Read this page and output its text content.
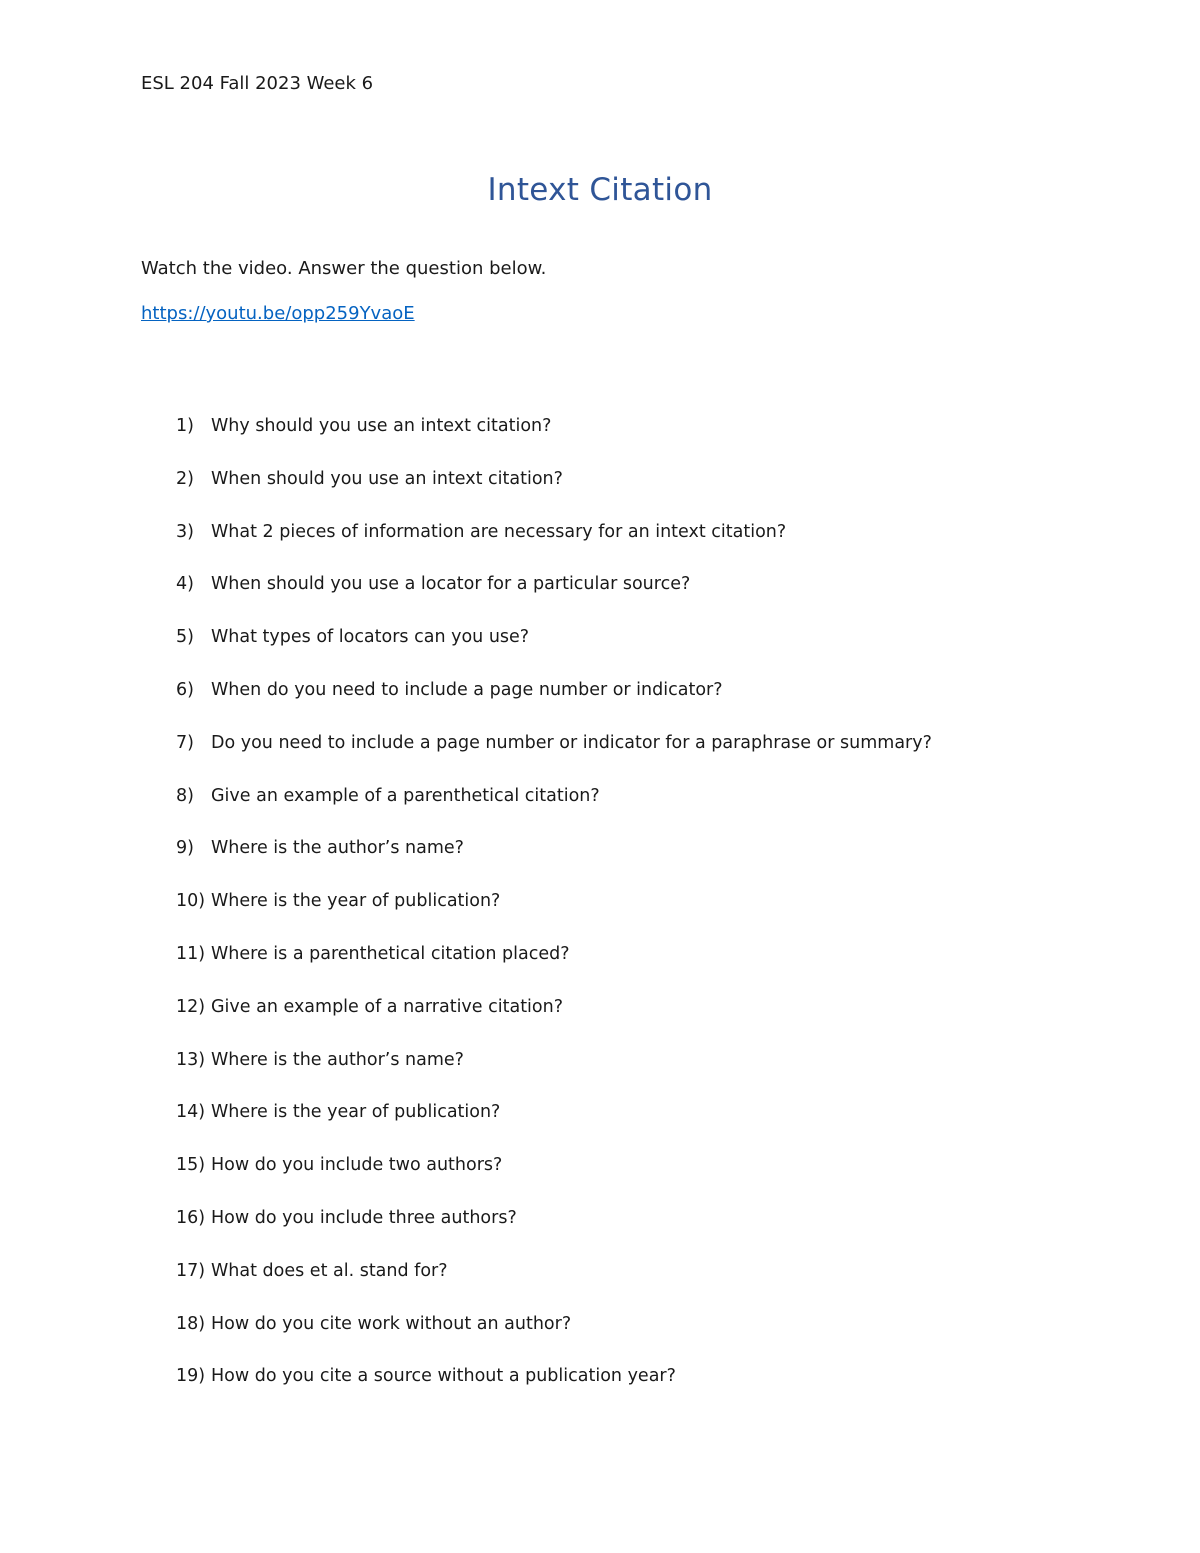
ESL 204 Fall 2023 Week 6
Intext Citation
Watch the video. Answer the question below.
https://youtu.be/opp259YvaoE
1) Why should you use an intext citation?
2) When should you use an intext citation?
3) What 2 pieces of information are necessary for an intext citation?
4) When should you use a locator for a particular source?
5) What types of locators can you use?
6) When do you need to include a page number or indicator?
7) Do you need to include a page number or indicator for a paraphrase or summary?
8) Give an example of a parenthetical citation?
9) Where is the author’s name?
10) Where is the year of publication?
11) Where is a parenthetical citation placed?
12) Give an example of a narrative citation?
13) Where is the author’s name?
14) Where is the year of publication?
15) How do you include two authors?
16) How do you include three authors?
17) What does et al. stand for?
18) How do you cite work without an author?
19) How do you cite a source without a publication year?
